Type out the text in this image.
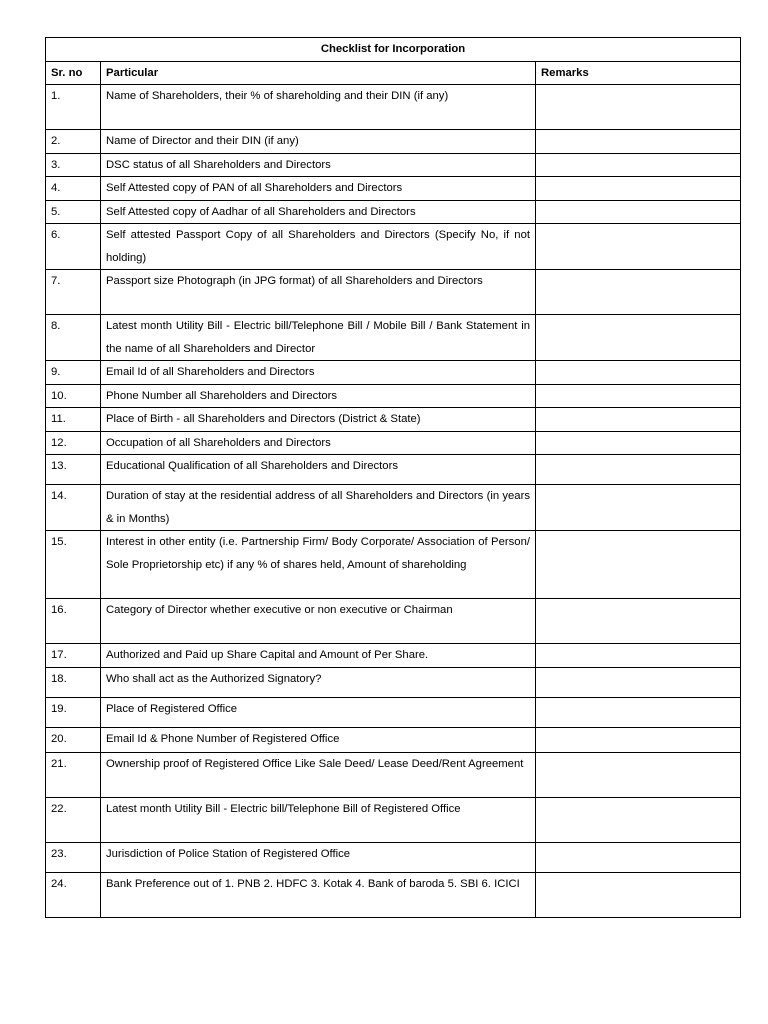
Checklist for Incorporation		
Sr. no	Particular	Remarks
1.	Name of Shareholders, their % of shareholding and their DIN (if any)	
2.	Name of Director and their DIN (if any)	
3.	DSC status of all Shareholders and Directors	
4.	Self Attested copy of PAN of all Shareholders and Directors	
5.	Self Attested copy of Aadhar of all Shareholders and Directors	
6.	Self attested Passport Copy of all Shareholders and Directors (Specify No, if not holding)	
7.	Passport size Photograph (in JPG format) of all Shareholders and Directors	
8.	Latest month Utility Bill - Electric bill/Telephone Bill / Mobile Bill / Bank Statement in the name of all Shareholders and Director	
9.	Email Id of all Shareholders and Directors	
10.	Phone Number all Shareholders and Directors	
11.	Place of Birth - all Shareholders and Directors (District & State)	
12.	Occupation of all Shareholders and Directors	
13.	Educational Qualification of all Shareholders and Directors	
14.	Duration of stay at the residential address of all Shareholders and Directors (in years & in Months)	
15.	Interest in other entity (i.e. Partnership Firm/ Body Corporate/ Association of Person/ Sole Proprietorship etc) if any % of shares held, Amount of shareholding	
16.	Category of Director whether executive or non executive or Chairman	
17.	Authorized and Paid up Share Capital and Amount of Per Share.	
18.	Who shall act as the Authorized Signatory?	
19.	Place of Registered Office	
20.	Email Id & Phone Number of Registered Office	
21.	Ownership proof of Registered Office Like Sale Deed/ Lease Deed/Rent Agreement	
22.	Latest month Utility Bill - Electric bill/Telephone Bill of Registered Office	
23.	Jurisdiction of Police Station of Registered Office	
24.	Bank Preference out of 1. PNB 2. HDFC 3. Kotak 4. Bank of baroda 5. SBI 6. ICICI	
